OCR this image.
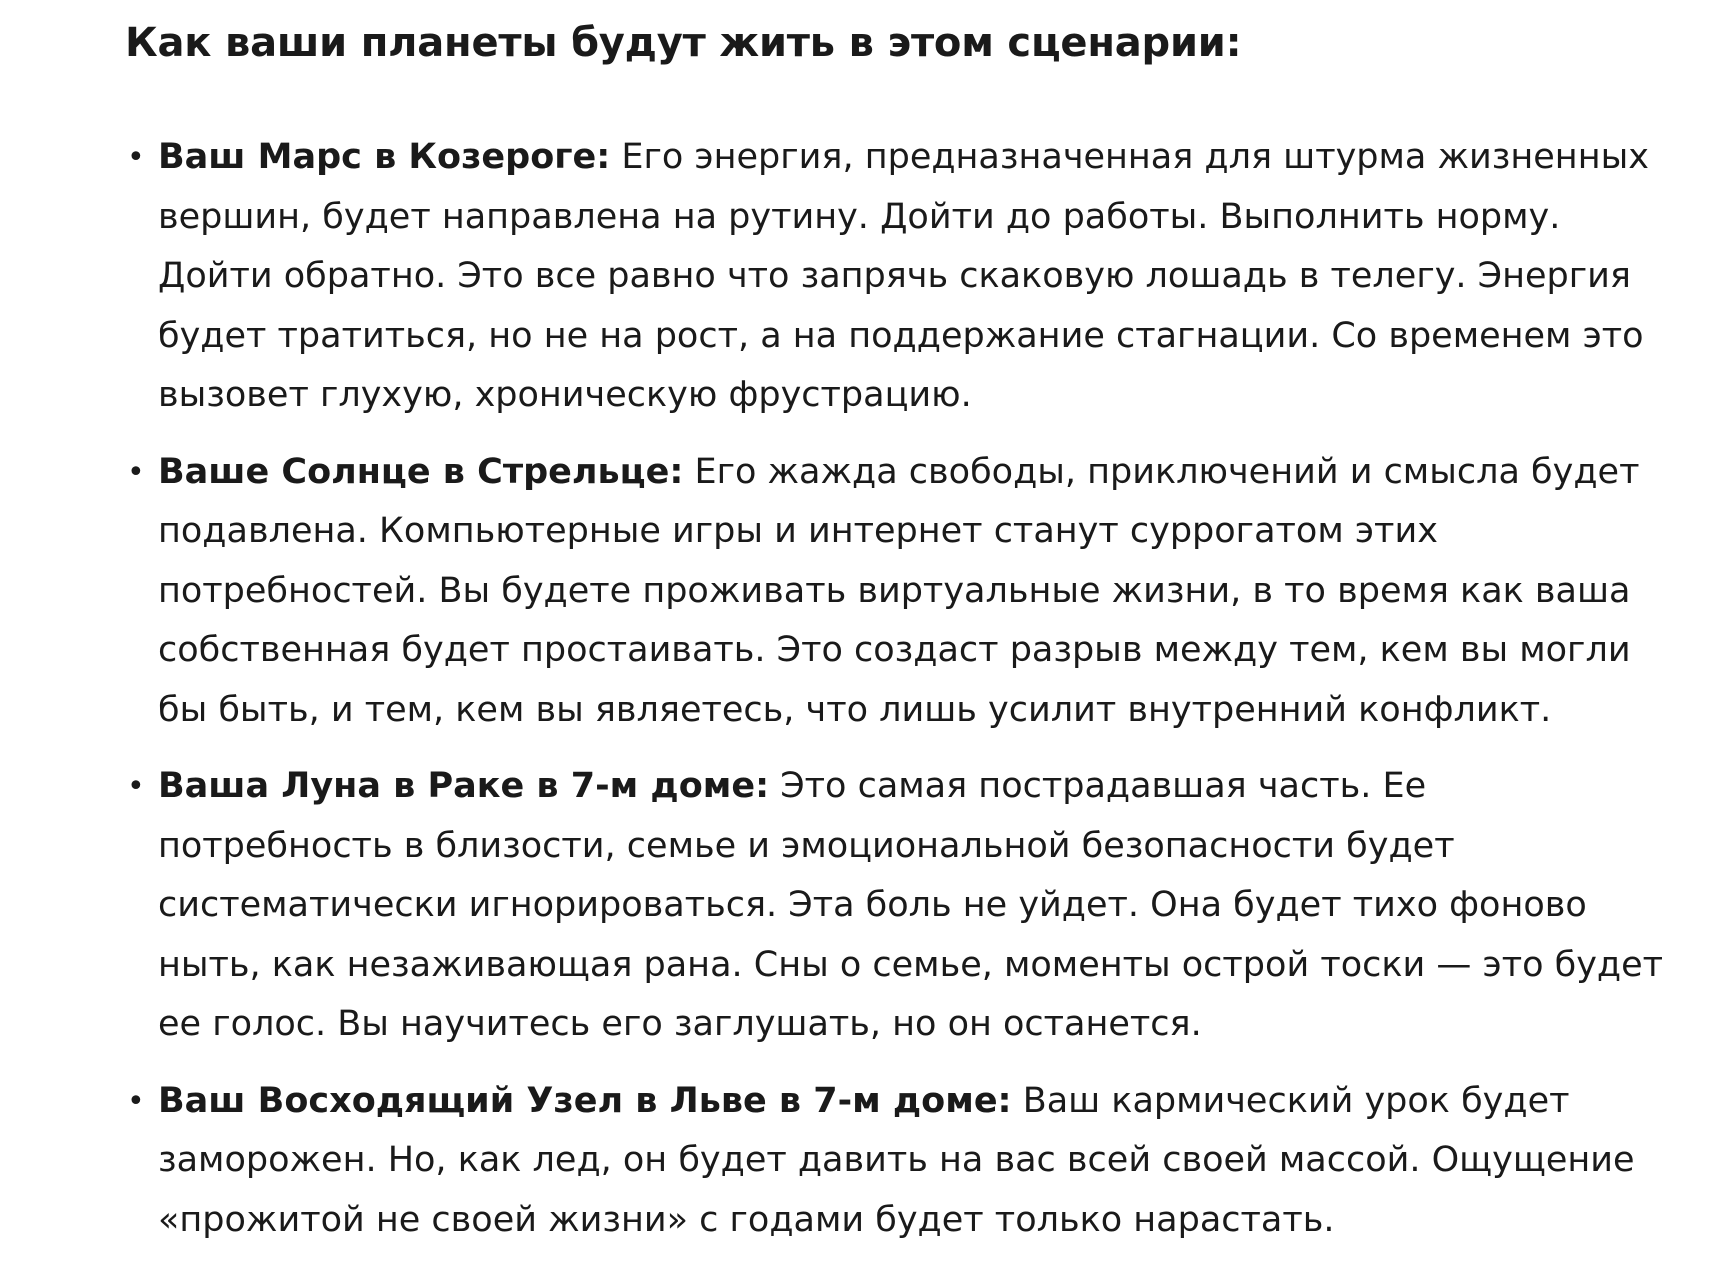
Как ваши планеты будут жить в этом сценарии:
• Ваш Марс в Козероге: Его энергия, предназначенная для штурма жизненных вершин, будет направлена на рутину. Дойти до работы. Выполнить норму. Дойти обратно. Это все равно что запрячь скаковую лошадь в телегу. Энергия будет тратиться, но не на рост, а на поддержание стагнации. Со временем это вызовет глухую, хроническую фрустрацию.
• Ваше Солнце в Стрельце: Его жажда свободы, приключений и смысла будет подавлена. Компьютерные игры и интернет станут суррогатом этих потребностей. Вы будете проживать виртуальные жизни, в то время как ваша собственная будет простаивать. Это создаст разрыв между тем, кем вы могли бы быть, и тем, кем вы являетесь, что лишь усилит внутренний конфликт.
• Ваша Луна в Раке в 7-м доме: Это самая пострадавшая часть. Ее потребность в близости, семье и эмоциональной безопасности будет систематически игнорироваться. Эта боль не уйдет. Она будет тихо фоново ныть, как незаживающая рана. Сны о семье, моменты острой тоски — это будет ее голос. Вы научитесь его заглушать, но он останется.
• Ваш Восходящий Узел в Льве в 7-м доме: Ваш кармический урок будет заморожен. Но, как лед, он будет давить на вас всей своей массой. Ощущение «прожитой не своей жизни» с годами будет только нарастать.
